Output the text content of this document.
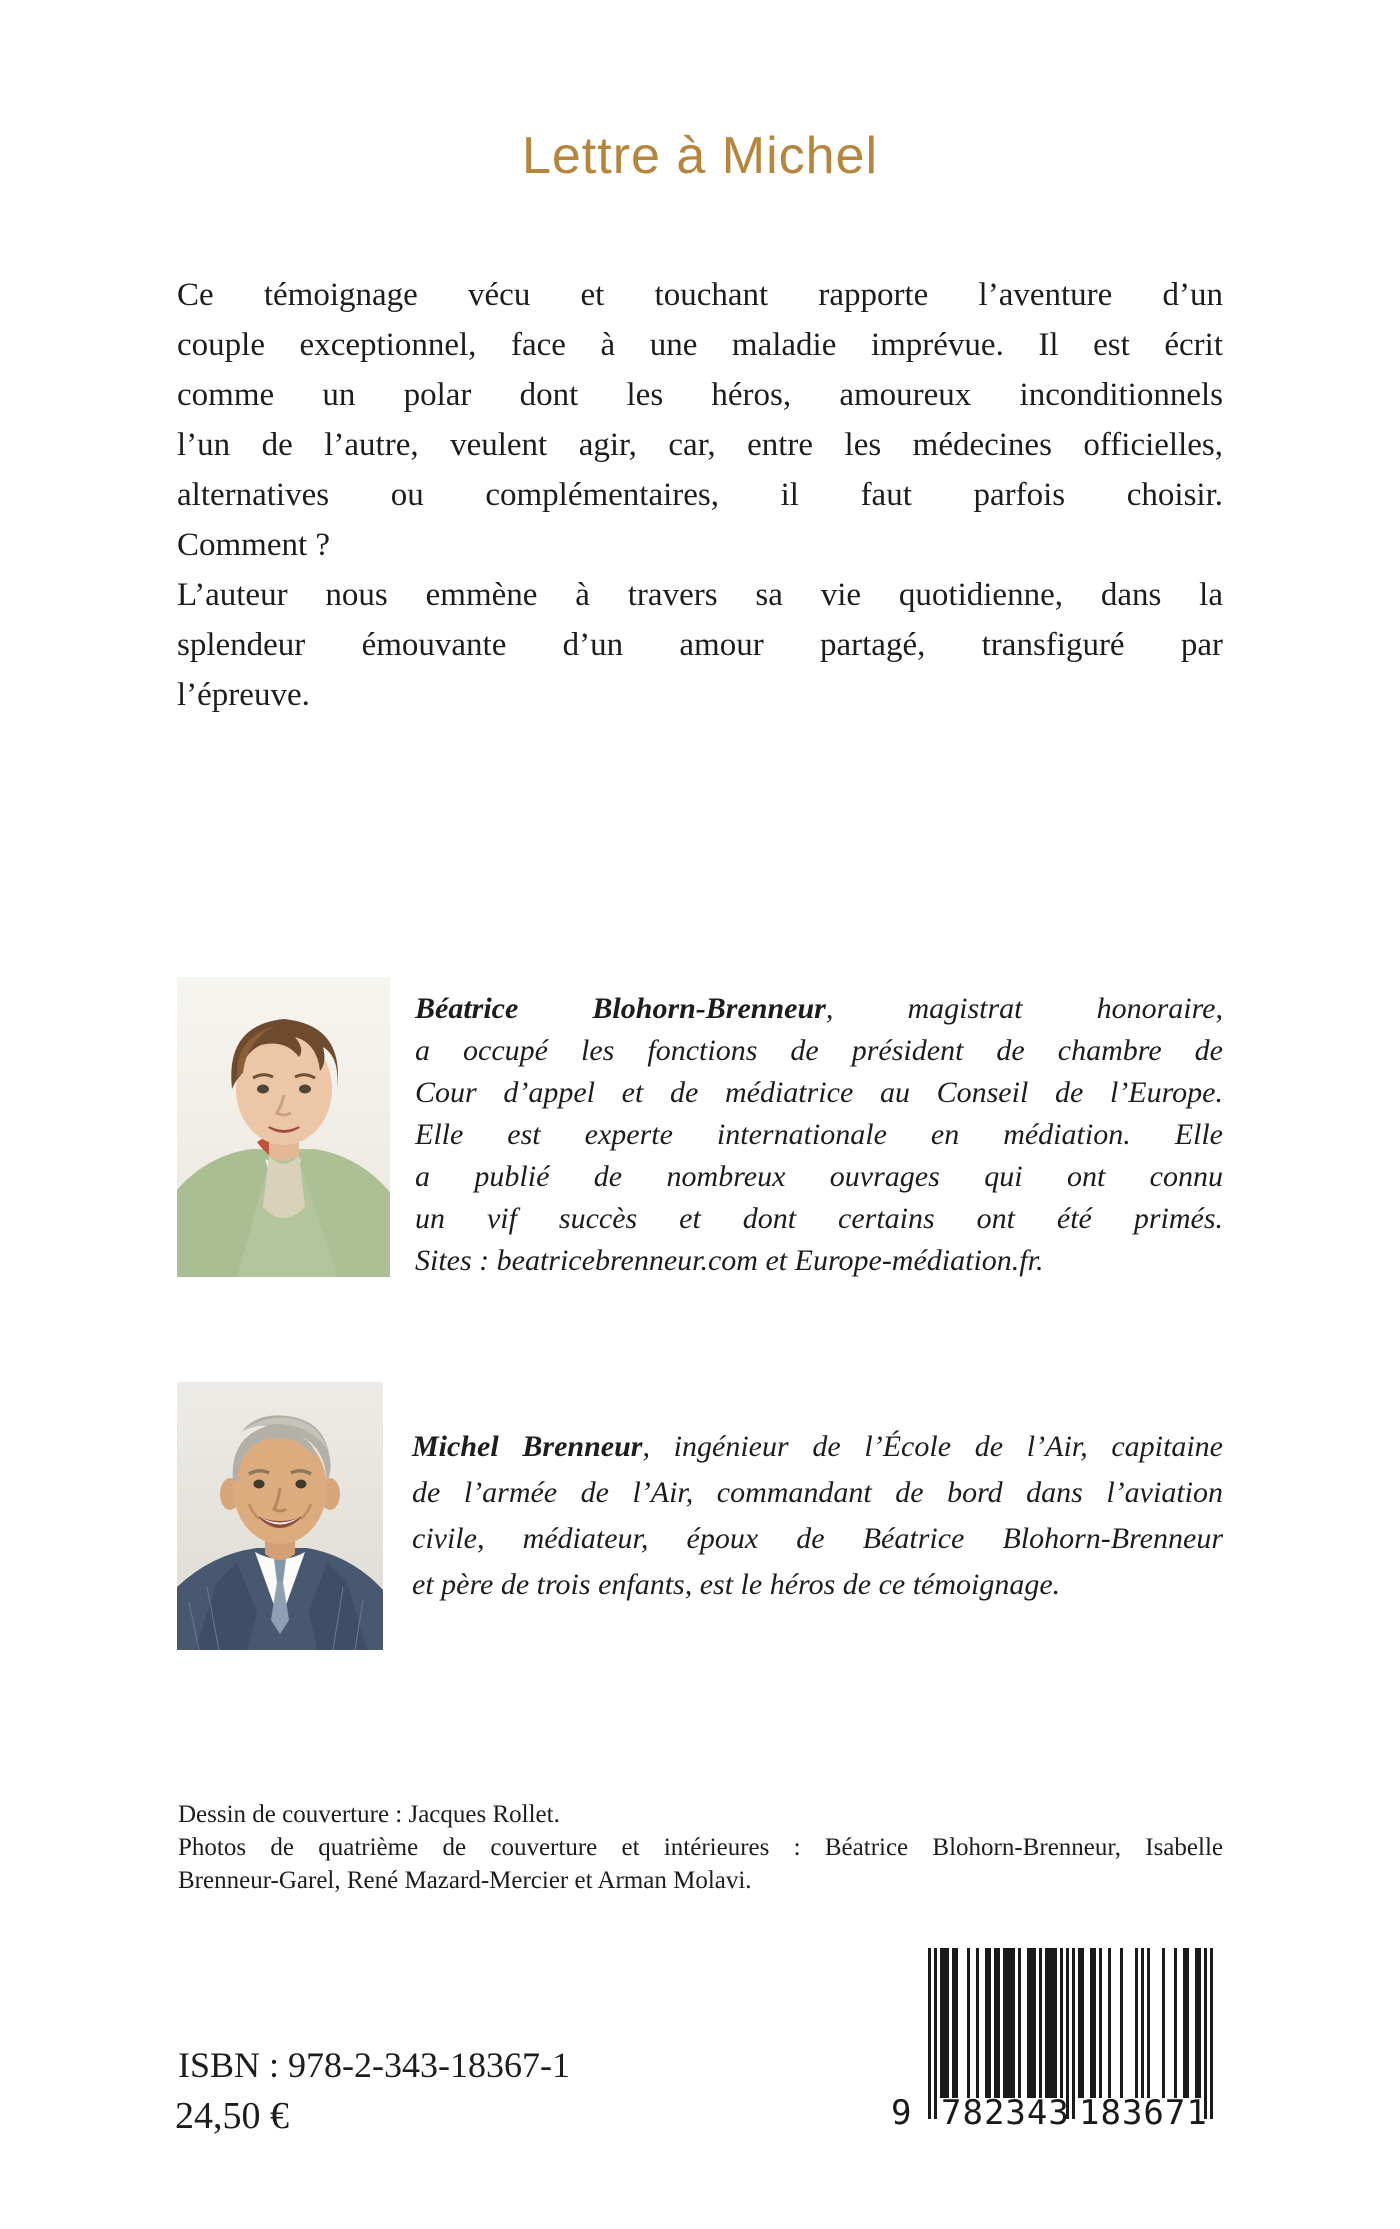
Lettre à Michel
Ce témoignage vécu et touchant rapporte l’aventure d’un
couple exceptionnel, face à une maladie imprévue. Il est écrit
comme un polar dont les héros, amoureux inconditionnels
l’un de l’autre, veulent agir, car, entre les médecines officielles,
alternatives ou complémentaires, il faut parfois choisir.
Comment ?
L’auteur nous emmène à travers sa vie quotidienne, dans la
splendeur émouvante d’un amour partagé, transfiguré par
l’épreuve.
Béatrice Blohorn-Brenneur, magistrat honoraire,
a occupé les fonctions de président de chambre de
Cour d’appel et de médiatrice au Conseil de l’Europe.
Elle est experte internationale en médiation. Elle
a publié de nombreux ouvrages qui ont connu
un vif succès et dont certains ont été primés.
Sites : beatricebrenneur.com et Europe-médiation.fr.
Michel Brenneur, ingénieur de l’École de l’Air, capitaine
de l’armée de l’Air, commandant de bord dans l’aviation
civile, médiateur, époux de Béatrice Blohorn-Brenneur
et père de trois enfants, est le héros de ce témoignage.
Dessin de couverture : Jacques Rollet.
Photos de quatrième de couverture et intérieures : Béatrice Blohorn-Brenneur, Isabelle
Brenneur-Garel, René Mazard-Mercier et Arman Molavi.
ISBN : 978-2-343-18367-1
24,50 €	9 782343 183671
